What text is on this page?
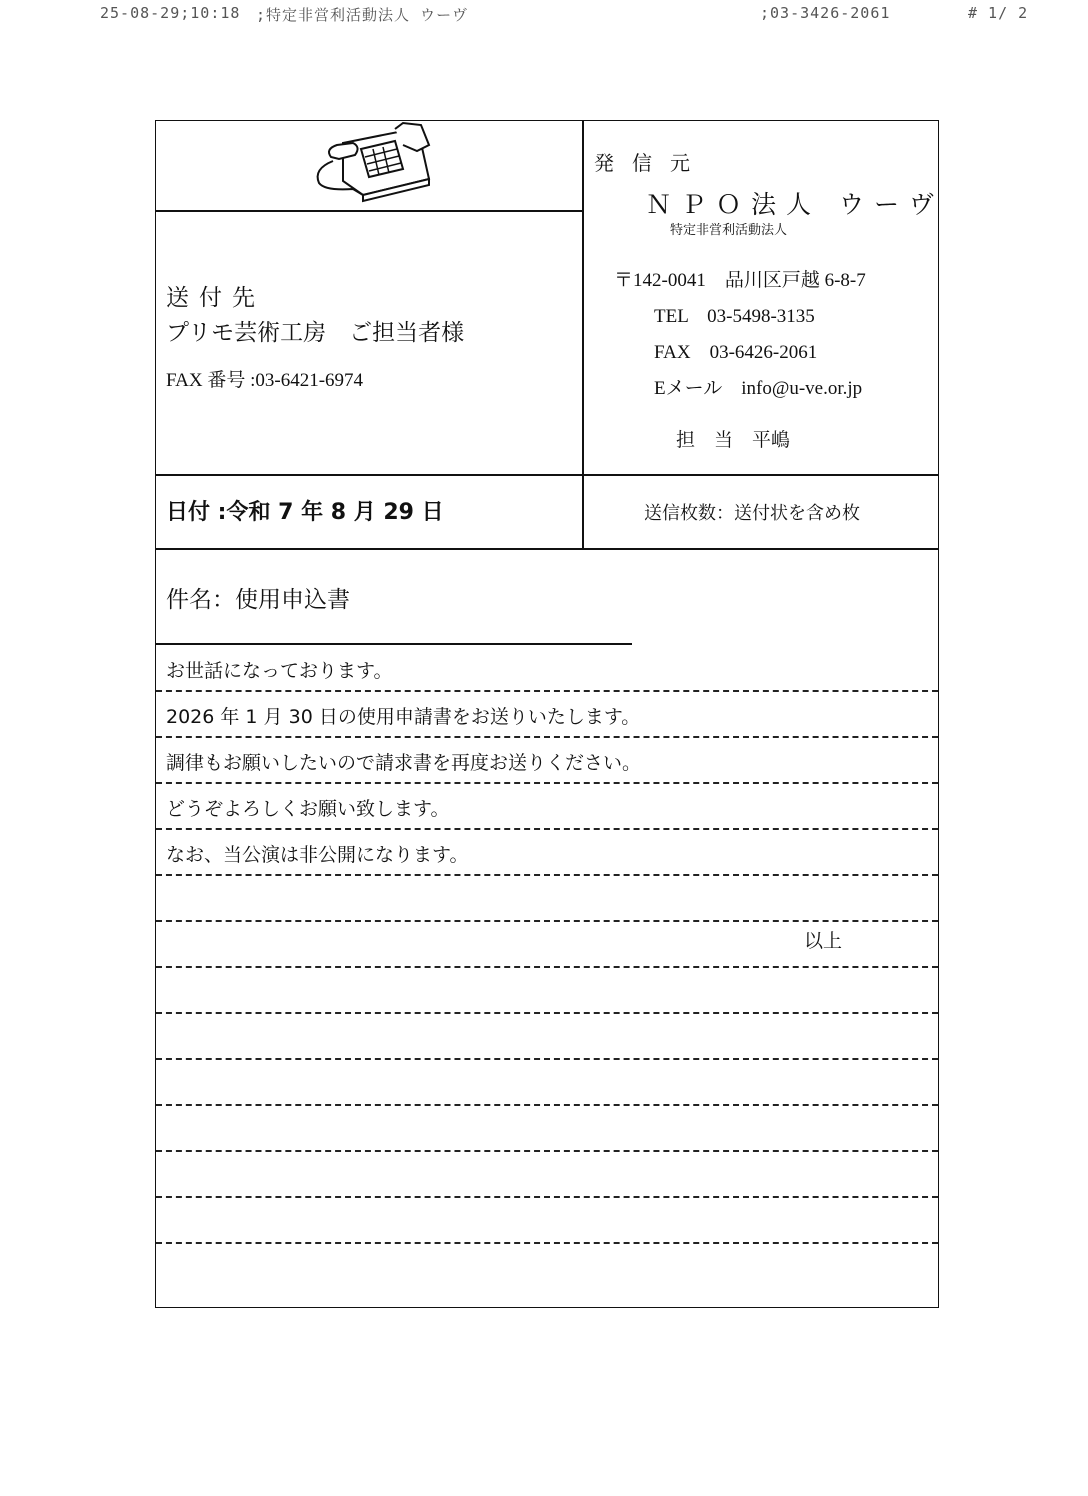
25-08-29;10:18 ;特定非営利活動法人 ウーヴ	;03-3426-2061	# 1/ 2
送付先
プリモ芸術工房　ご担当者様
FAX 番号 :03-6421-6974
発信元
ＮＰＯ法人 ウーヴ
特定非営利活動法人
〒142-0041　品川区戸越 6-8-7
TEL　03-5498-3135
FAX　03-6426-2061
Eメール　info@u-ve.or.jp
担　当　平嶋
日付 :令和 7 年 8 月 29 日	送信枚数：送付状を含め枚
件名：使用申込書
お世話になっております。
2026 年 1 月 30 日の使用申請書をお送りいたします。
調律もお願いしたいので請求書を再度お送りください。
どうぞよろしくお願い致します。
なお、当公演は非公開になります。
以上
